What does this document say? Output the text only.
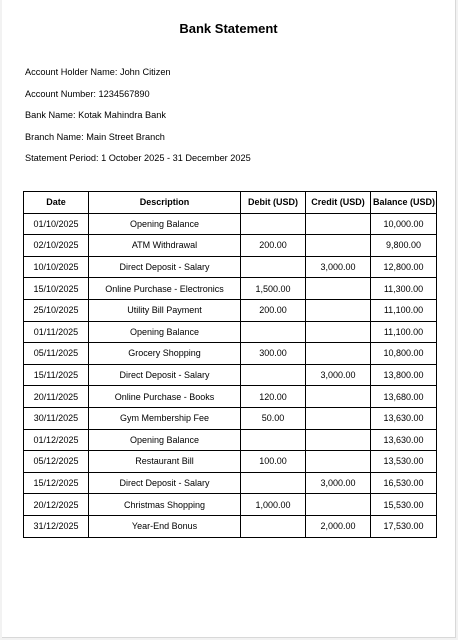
Bank Statement
Account Holder Name: John Citizen
Account Number: 1234567890
Bank Name: Kotak Mahindra Bank
Branch Name: Main Street Branch
Statement Period: 1 October 2025 - 31 December 2025
Date	Description	Debit (USD)	Credit (USD)	Balance (USD)
01/10/2025	Opening Balance			10,000.00
02/10/2025	ATM Withdrawal	200.00		9,800.00
10/10/2025	Direct Deposit - Salary		3,000.00	12,800.00
15/10/2025	Online Purchase - Electronics	1,500.00		11,300.00
25/10/2025	Utility Bill Payment	200.00		11,100.00
01/11/2025	Opening Balance			11,100.00
05/11/2025	Grocery Shopping	300.00		10,800.00
15/11/2025	Direct Deposit - Salary		3,000.00	13,800.00
20/11/2025	Online Purchase - Books	120.00		13,680.00
30/11/2025	Gym Membership Fee	50.00		13,630.00
01/12/2025	Opening Balance			13,630.00
05/12/2025	Restaurant Bill	100.00		13,530.00
15/12/2025	Direct Deposit - Salary		3,000.00	16,530.00
20/12/2025	Christmas Shopping	1,000.00		15,530.00
31/12/2025	Year-End Bonus		2,000.00	17,530.00
